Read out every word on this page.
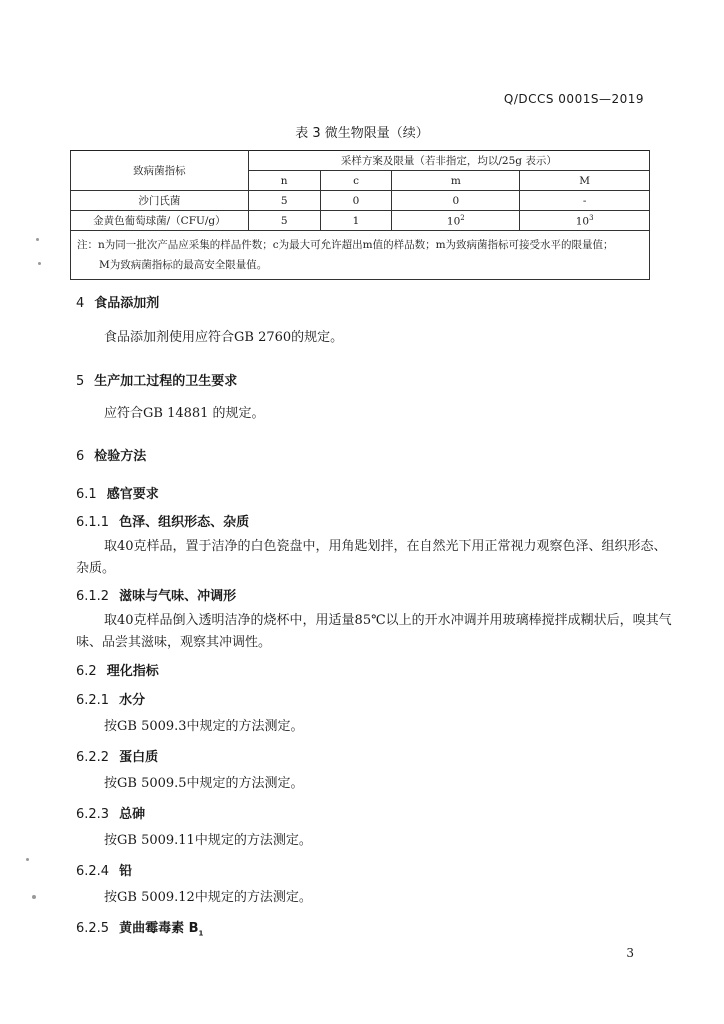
Q/DCCS 0001S—2019
表 3 微生物限量（续）
致病菌指标	采样方案及限量（若非指定，均以/25g 表示）			
	n	c	m	M
沙门氏菌	5	0	0	-
金黄色葡萄球菌/（CFU/g）	5	1	$10^2$	$10^3$

注：n为同一批次产品应采集的样品件数；c为最大可允许超出m值的样品数；m为致病菌指标可接受水平的限量值；
M为致病菌指标的最高安全限量值。				
4 食品添加剂
食品添加剂使用应符合GB 2760的规定。
5 生产加工过程的卫生要求
应符合GB 14881 的规定。
6 检验方法
6.1 感官要求
6.1.1 色泽、组织形态、杂质
取40克样品，置于洁净的白色瓷盘中，用角匙划拌，在自然光下用正常视力观察色泽、组织形态、
杂质。
6.1.2 滋味与气味、冲调形
取40克样品倒入透明洁净的烧杯中，用适量85℃以上的开水冲调并用玻璃棒搅拌成糊状后，嗅其气
味、品尝其滋味，观察其冲调性。
6.2 理化指标
6.2.1 水分
按GB 5009.3中规定的方法测定。
6.2.2 蛋白质
按GB 5009.5中规定的方法测定。
6.2.3 总砷
按GB 5009.11中规定的方法测定。
6.2.4 铅
按GB 5009.12中规定的方法测定。
6.2.5 黄曲霉毒素 $B_1$
3
